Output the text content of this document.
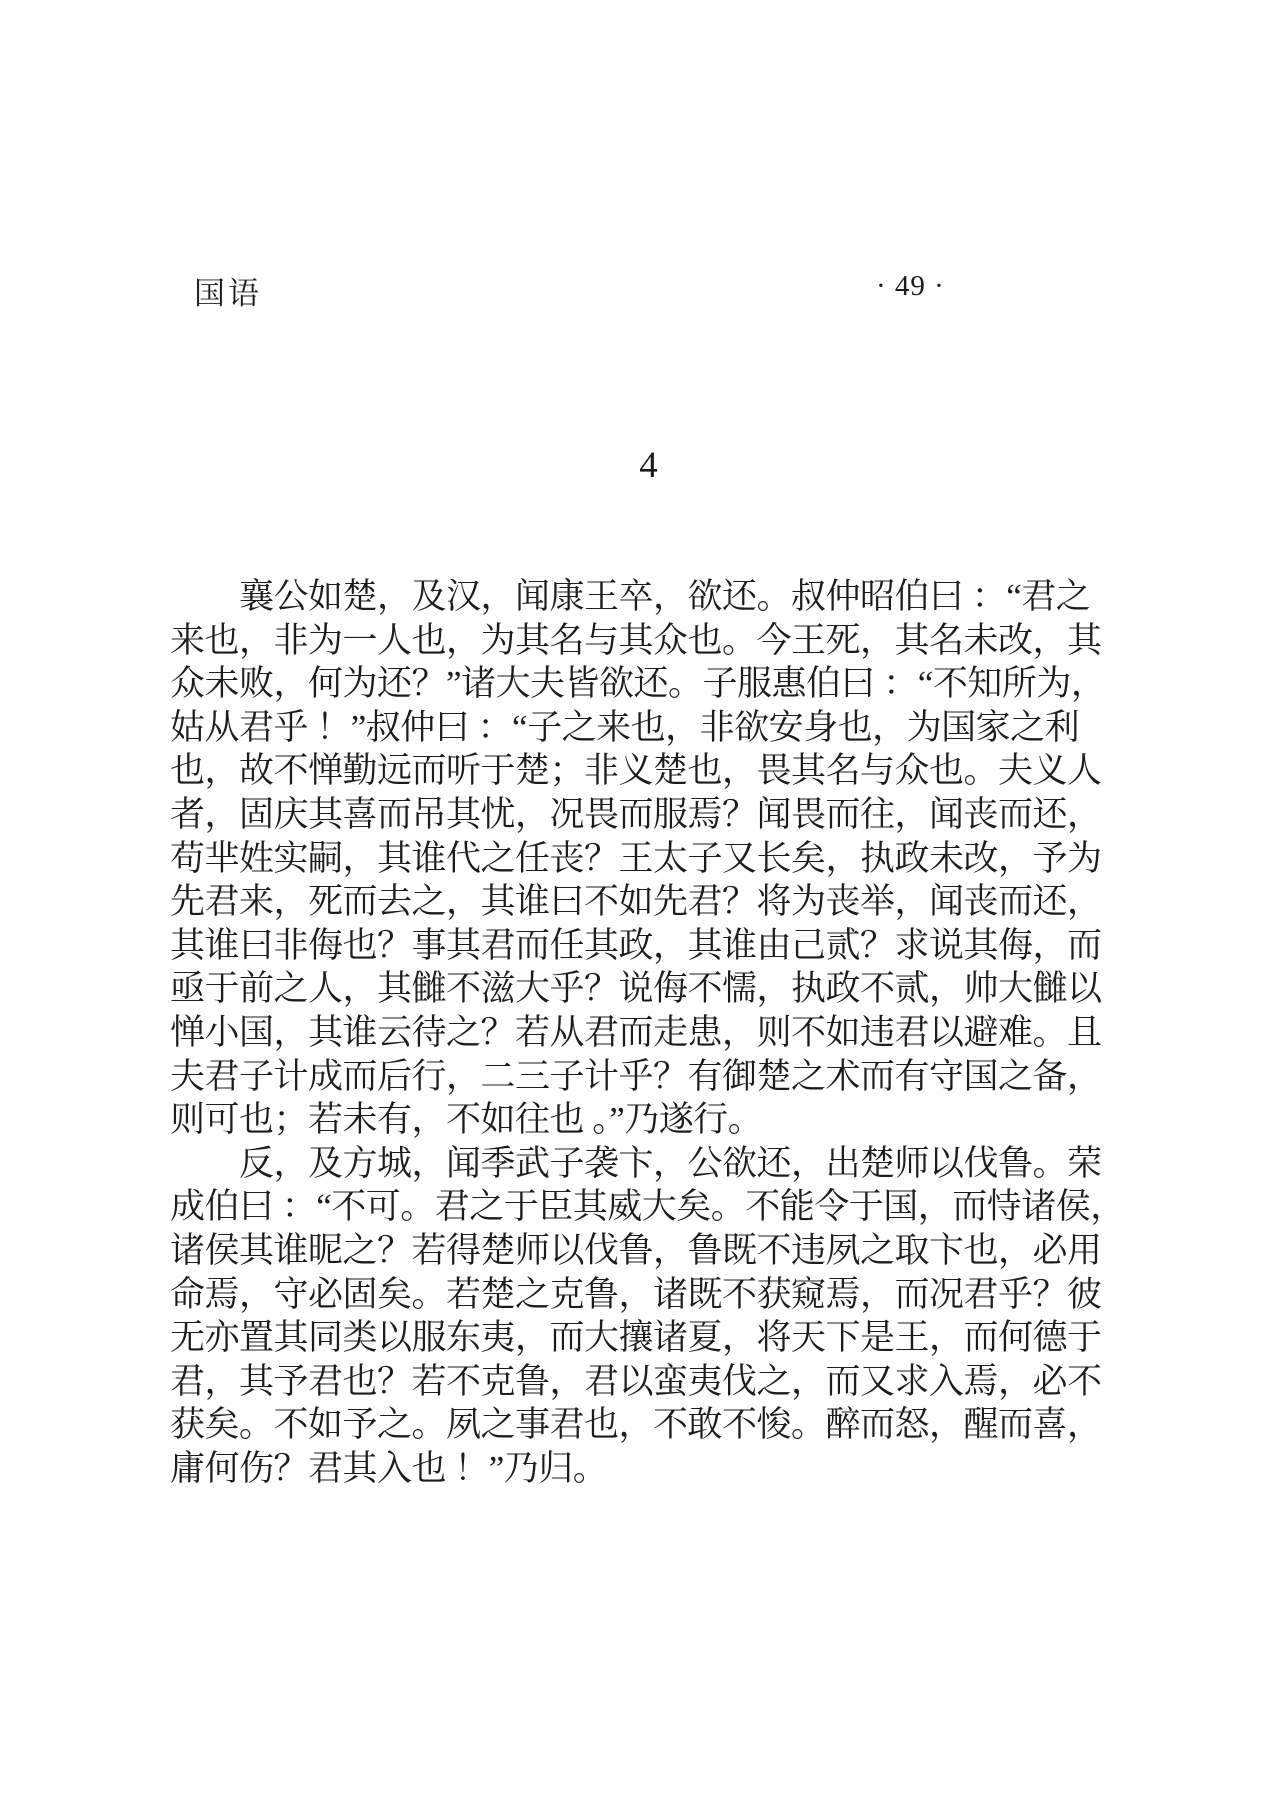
国语	· 49 ·
4
　　襄公如楚，及汉，闻康王卒，欲还。叔仲昭伯曰 ：“君之
来也，非为一人也，为其名与其众也。今王死，其名未改，其
众未败，何为还？”诸大夫皆欲还。子服惠伯曰 ：“不知所为，
姑从君乎 ！”叔仲曰 ：“子之来也，非欲安身也，为国家之利
也，故不惮勤远而听于楚；非义楚也，畏其名与众也。夫义人
者，固庆其喜而吊其忧，况畏而服焉？闻畏而往，闻丧而还，
苟芈姓实嗣，其谁代之任丧？王太子又长矣，执政未改，予为
先君来，死而去之，其谁曰不如先君？将为丧举，闻丧而还，
其谁曰非侮也？事其君而任其政，其谁由己贰？求说其侮，而
亟于前之人，其雠不滋大乎？说侮不懦，执政不贰，帅大雠以
惮小国，其谁云待之？若从君而走患，则不如违君以避难。且
夫君子计成而后行，二三子计乎？有御楚之术而有守国之备，
则可也；若未有，不如往也 。”乃遂行。
　　反，及方城，闻季武子袭卞，公欲还，出楚师以伐鲁。荣
成伯曰 ：“不可。君之于臣其威大矣。不能令于国，而恃诸侯，
诸侯其谁昵之？若得楚师以伐鲁，鲁既不违夙之取卞也，必用
命焉，守必固矣。若楚之克鲁，诸既不获窥焉，而况君乎？彼
无亦置其同类以服东夷，而大攘诸夏，将天下是王，而何德于
君，其予君也？若不克鲁，君以蛮夷伐之，而又求入焉，必不
获矣。不如予之。夙之事君也，不敢不悛。醉而怒，醒而喜，
庸何伤？君其入也 ！”乃归。
